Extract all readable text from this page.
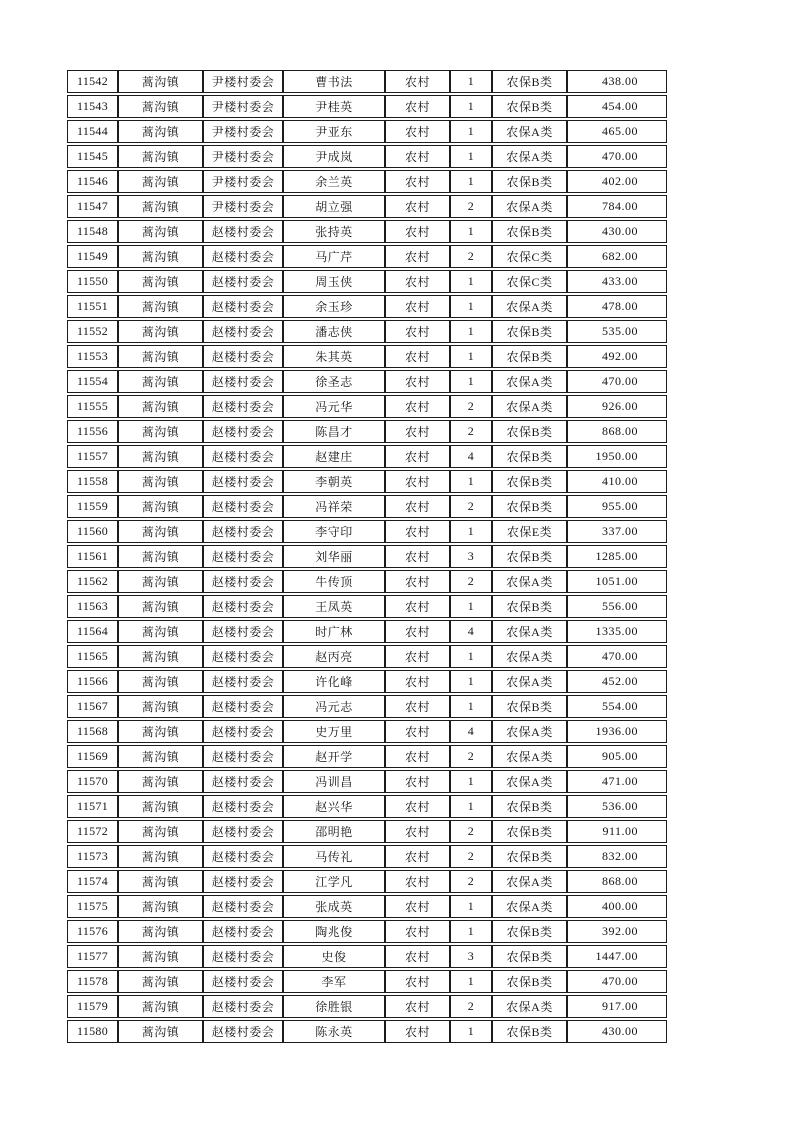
11542	蒿沟镇	尹楼村委会	曹书法	农村	1	农保B类	438.00
11543	蒿沟镇	尹楼村委会	尹桂英	农村	1	农保B类	454.00
11544	蒿沟镇	尹楼村委会	尹亚东	农村	1	农保A类	465.00
11545	蒿沟镇	尹楼村委会	尹成岚	农村	1	农保A类	470.00
11546	蒿沟镇	尹楼村委会	余兰英	农村	1	农保B类	402.00
11547	蒿沟镇	尹楼村委会	胡立强	农村	2	农保A类	784.00
11548	蒿沟镇	赵楼村委会	张持英	农村	1	农保B类	430.00
11549	蒿沟镇	赵楼村委会	马广芹	农村	2	农保C类	682.00
11550	蒿沟镇	赵楼村委会	周玉侠	农村	1	农保C类	433.00
11551	蒿沟镇	赵楼村委会	余玉珍	农村	1	农保A类	478.00
11552	蒿沟镇	赵楼村委会	潘志侠	农村	1	农保B类	535.00
11553	蒿沟镇	赵楼村委会	朱其英	农村	1	农保B类	492.00
11554	蒿沟镇	赵楼村委会	徐圣志	农村	1	农保A类	470.00
11555	蒿沟镇	赵楼村委会	冯元华	农村	2	农保A类	926.00
11556	蒿沟镇	赵楼村委会	陈昌才	农村	2	农保B类	868.00
11557	蒿沟镇	赵楼村委会	赵建庄	农村	4	农保B类	1950.00
11558	蒿沟镇	赵楼村委会	李朝英	农村	1	农保B类	410.00
11559	蒿沟镇	赵楼村委会	冯祥荣	农村	2	农保B类	955.00
11560	蒿沟镇	赵楼村委会	李守印	农村	1	农保E类	337.00
11561	蒿沟镇	赵楼村委会	刘华丽	农村	3	农保B类	1285.00
11562	蒿沟镇	赵楼村委会	牛传顶	农村	2	农保A类	1051.00
11563	蒿沟镇	赵楼村委会	王凤英	农村	1	农保B类	556.00
11564	蒿沟镇	赵楼村委会	时广林	农村	4	农保A类	1335.00
11565	蒿沟镇	赵楼村委会	赵丙亮	农村	1	农保A类	470.00
11566	蒿沟镇	赵楼村委会	许化峰	农村	1	农保A类	452.00
11567	蒿沟镇	赵楼村委会	冯元志	农村	1	农保B类	554.00
11568	蒿沟镇	赵楼村委会	史万里	农村	4	农保A类	1936.00
11569	蒿沟镇	赵楼村委会	赵开学	农村	2	农保A类	905.00
11570	蒿沟镇	赵楼村委会	冯训昌	农村	1	农保A类	471.00
11571	蒿沟镇	赵楼村委会	赵兴华	农村	1	农保B类	536.00
11572	蒿沟镇	赵楼村委会	邵明艳	农村	2	农保B类	911.00
11573	蒿沟镇	赵楼村委会	马传礼	农村	2	农保B类	832.00
11574	蒿沟镇	赵楼村委会	江学凡	农村	2	农保A类	868.00
11575	蒿沟镇	赵楼村委会	张成英	农村	1	农保A类	400.00
11576	蒿沟镇	赵楼村委会	陶兆俊	农村	1	农保B类	392.00
11577	蒿沟镇	赵楼村委会	史俊	农村	3	农保B类	1447.00
11578	蒿沟镇	赵楼村委会	李军	农村	1	农保B类	470.00
11579	蒿沟镇	赵楼村委会	徐胜银	农村	2	农保A类	917.00
11580	蒿沟镇	赵楼村委会	陈永英	农村	1	农保B类	430.00
